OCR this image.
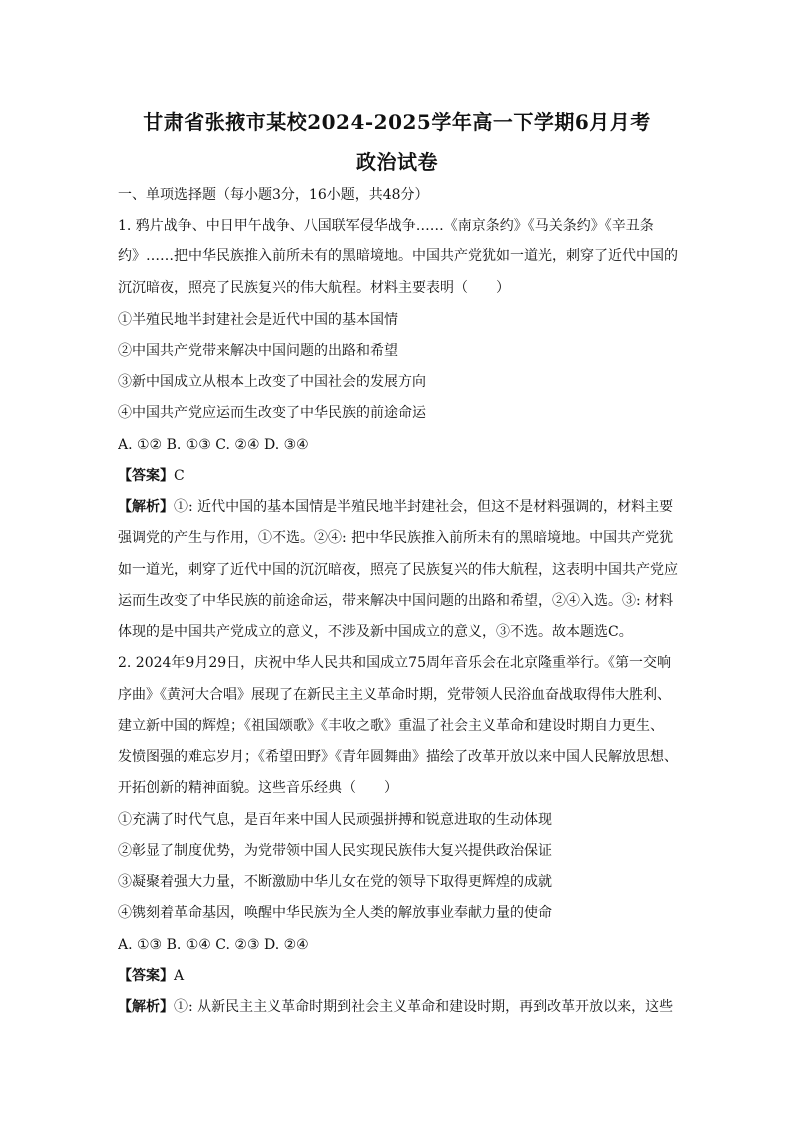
甘肃省张掖市某校2024-2025学年高一下学期6月月考
政治试卷
一、单项选择题（每小题3分，16小题，共48分）
1. 鸦片战争、中日甲午战争、八国联军侵华战争……《南京条约》《马关条约》《辛丑条
约》……把中华民族推入前所未有的黑暗境地。中国共产党犹如一道光，刺穿了近代中国的
沉沉暗夜，照亮了民族复兴的伟大航程。材料主要表明（　　）
①半殖民地半封建社会是近代中国的基本国情
②中国共产党带来解决中国问题的出路和希望
③新中国成立从根本上改变了中国社会的发展方向
④中国共产党应运而生改变了中华民族的前途命运
A. ①② B. ①③ C. ②④ D. ③④
【答案】C
【解析】①: 近代中国的基本国情是半殖民地半封建社会，但这不是材料强调的，材料主要
强调党的产生与作用，①不选。②④: 把中华民族推入前所未有的黑暗境地。中国共产党犹
如一道光，刺穿了近代中国的沉沉暗夜，照亮了民族复兴的伟大航程，这表明中国共产党应
运而生改变了中华民族的前途命运，带来解决中国问题的出路和希望，②④入选。③: 材料
体现的是中国共产党成立的意义，不涉及新中国成立的意义，③不选。故本题选C。
2. 2024年9月29日，庆祝中华人民共和国成立75周年音乐会在北京隆重举行。《第一交响
序曲》《黄河大合唱》展现了在新民主主义革命时期，党带领人民浴血奋战取得伟大胜利、
建立新中国的辉煌；《祖国颂歌》《丰收之歌》重温了社会主义革命和建设时期自力更生、
发愤图强的难忘岁月；《希望田野》《青年圆舞曲》描绘了改革开放以来中国人民解放思想、
开拓创新的精神面貌。这些音乐经典（　　）
①充满了时代气息，是百年来中国人民顽强拼搏和锐意进取的生动体现
②彰显了制度优势，为党带领中国人民实现民族伟大复兴提供政治保证
③凝聚着强大力量，不断激励中华儿女在党的领导下取得更辉煌的成就
④镌刻着革命基因，唤醒中华民族为全人类的解放事业奉献力量的使命
A. ①③ B. ①④ C. ②③ D. ②④
【答案】A
【解析】①: 从新民主主义革命时期到社会主义革命和建设时期，再到改革开放以来，这些
